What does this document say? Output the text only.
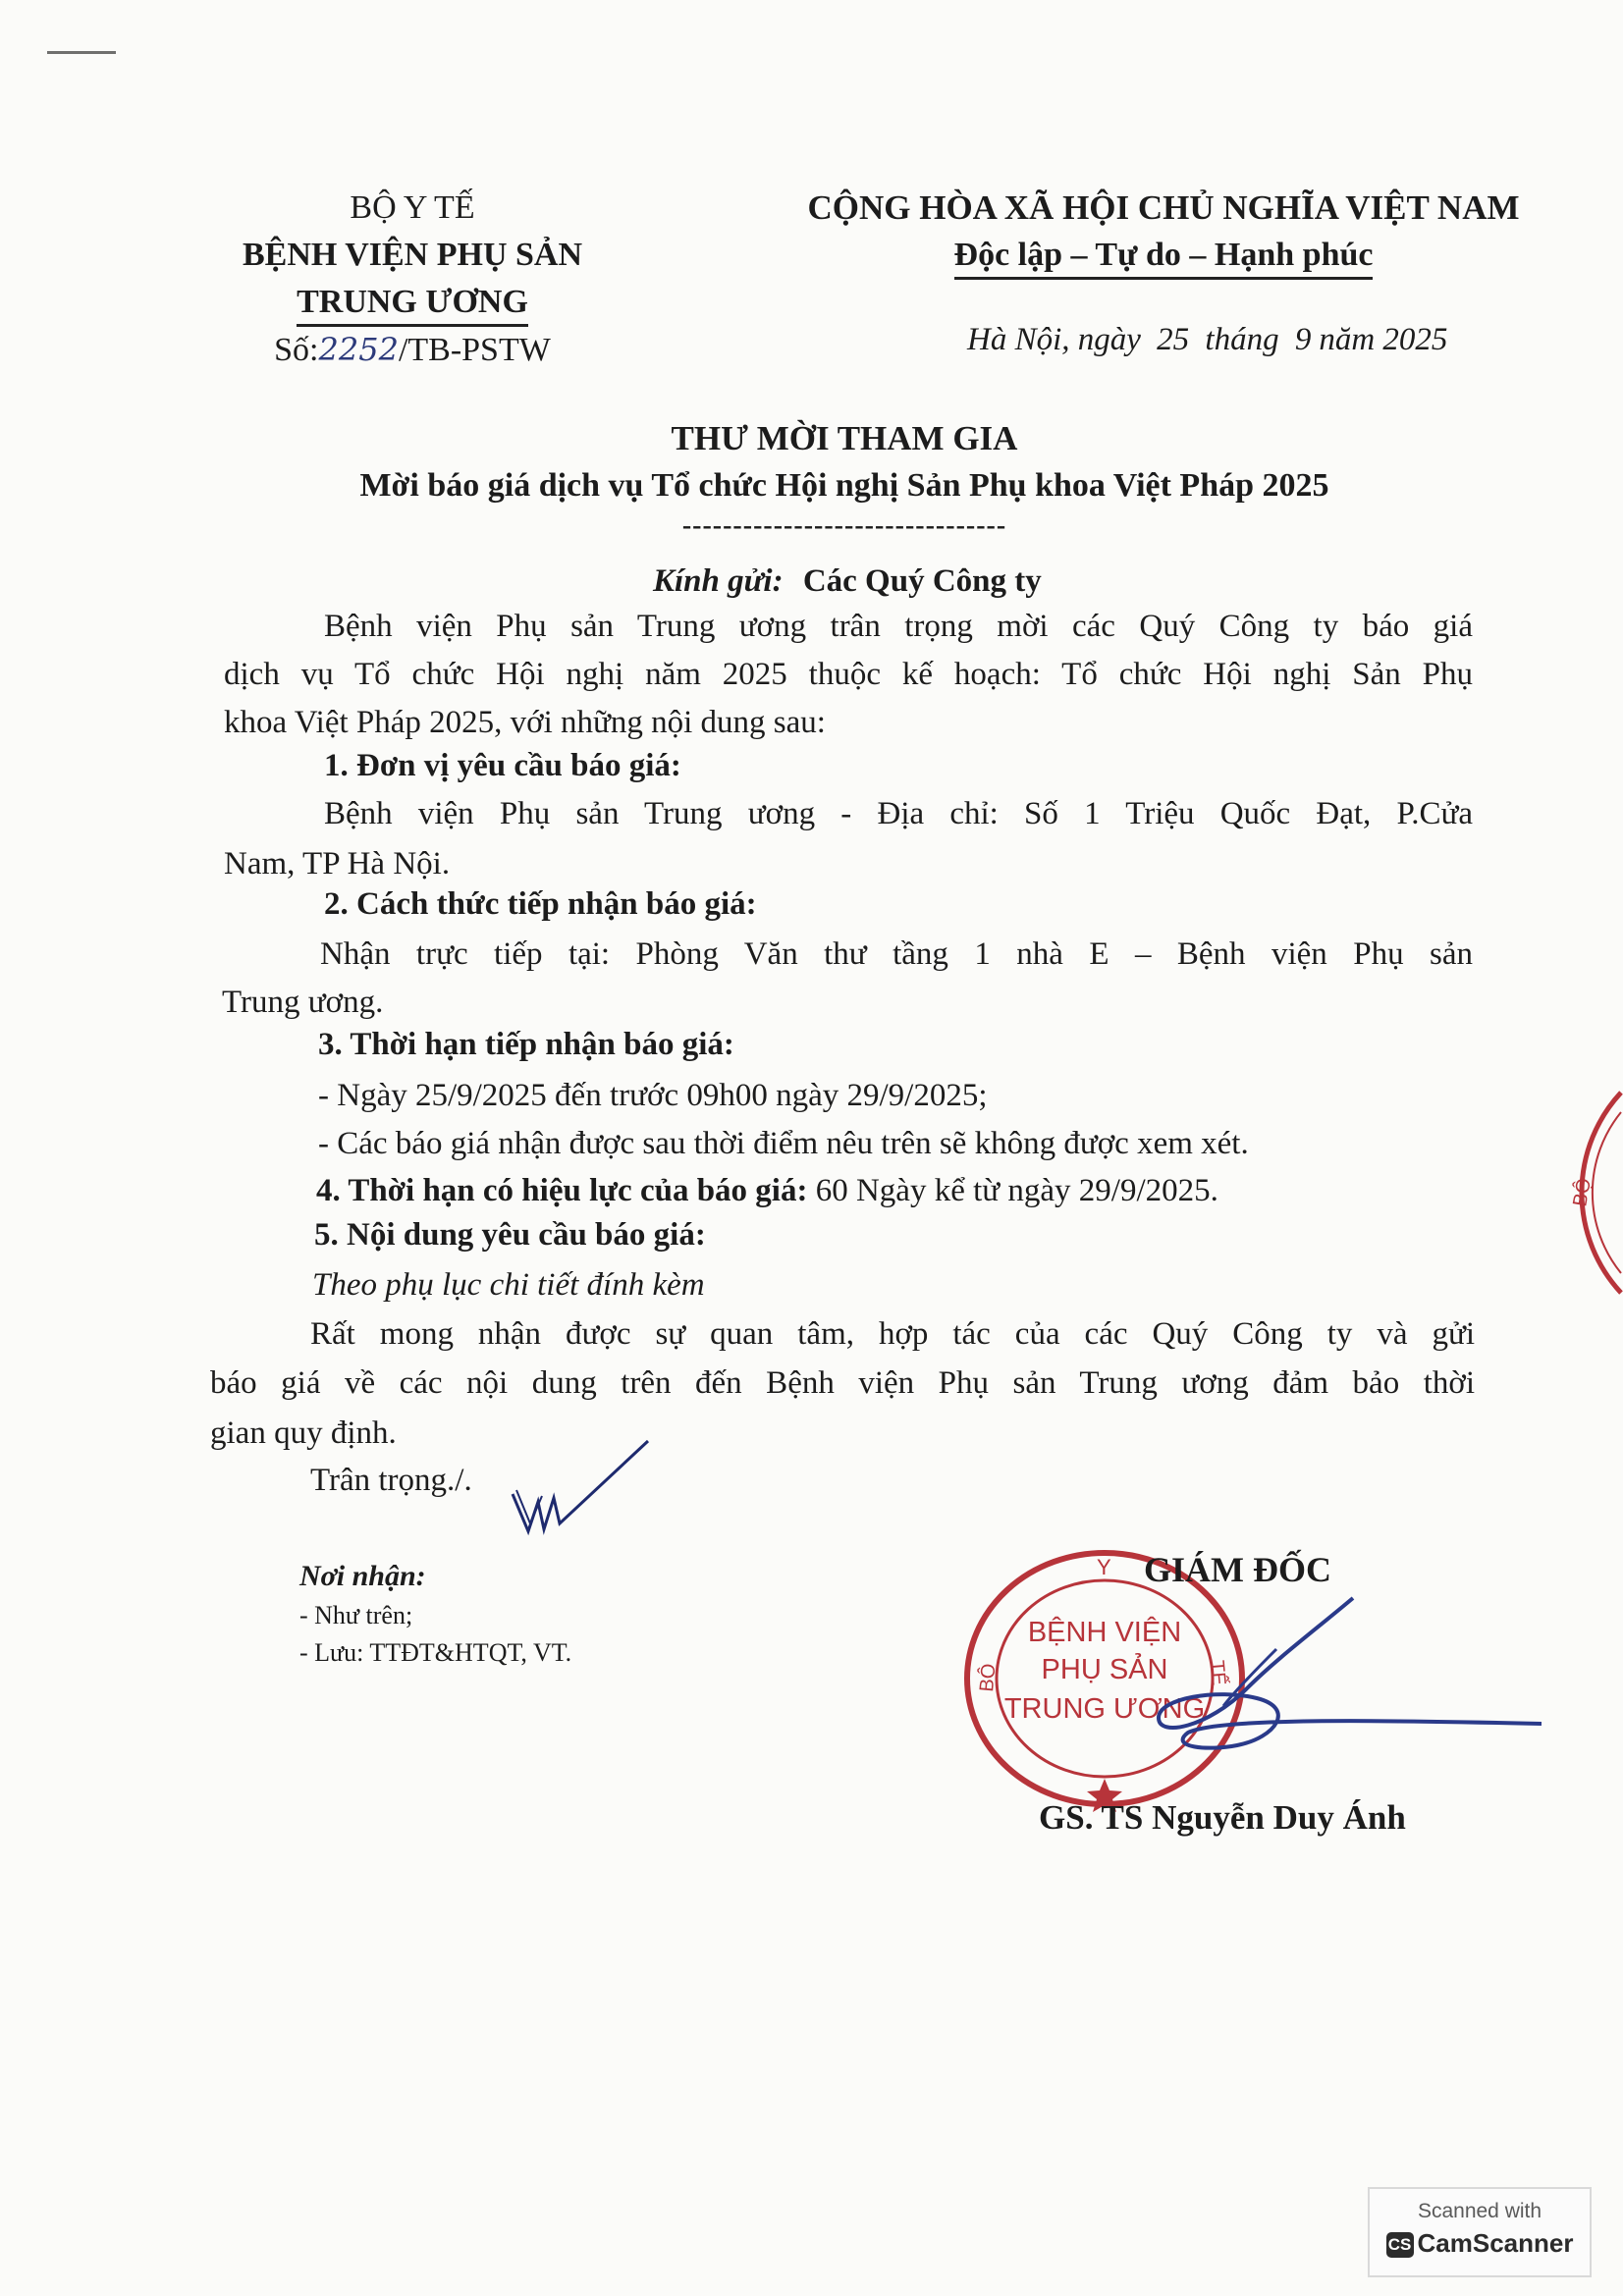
BỘ Y TẾ
BỆNH VIỆN PHỤ SẢN
TRUNG ƯƠNG
Số:2252/TB-PSTW
CỘNG HÒA XÃ HỘI CHỦ NGHĨA VIỆT NAM
Độc lập – Tự do – Hạnh phúc
Hà Nội, ngày 25 tháng 9 năm 2025
THƯ MỜI THAM GIA
Mời báo giá dịch vụ Tổ chức Hội nghị Sản Phụ khoa Việt Pháp 2025
--------------------------------
Kính gửi: Các Quý Công ty
Bệnh viện Phụ sản Trung ương trân trọng mời các Quý Công ty báo giá
dịch vụ Tổ chức Hội nghị năm 2025 thuộc kế hoạch: Tổ chức Hội nghị Sản Phụ
khoa Việt Pháp 2025, với những nội dung sau:
1. Đơn vị yêu cầu báo giá:
Bệnh viện Phụ sản Trung ương - Địa chỉ: Số 1 Triệu Quốc Đạt, P.Cửa
Nam, TP Hà Nội.
2. Cách thức tiếp nhận báo giá:
Nhận trực tiếp tại: Phòng Văn thư tầng 1 nhà E – Bệnh viện Phụ sản
Trung ương.
3. Thời hạn tiếp nhận báo giá:
- Ngày 25/9/2025 đến trước 09h00 ngày 29/9/2025;
- Các báo giá nhận được sau thời điểm nêu trên sẽ không được xem xét.
4. Thời hạn có hiệu lực của báo giá: 60 Ngày kể từ ngày 29/9/2025.
5. Nội dung yêu cầu báo giá:
Theo phụ lục chi tiết đính kèm
Rất mong nhận được sự quan tâm, hợp tác của các Quý Công ty và gửi
báo giá về các nội dung trên đến Bệnh viện Phụ sản Trung ương đảm bảo thời
gian quy định.
Trân trọng./.
Nơi nhận:
- Như trên;
- Lưu: TTĐT&HTQT, VT.
BỘ
Y
BỘ	TẾ
BỆNH VIỆN
PHỤ SẢN
TRUNG ƯƠNG
GIÁM ĐỐC
GS. TS Nguyễn Duy Ánh
Scanned with
CS CamScanner
